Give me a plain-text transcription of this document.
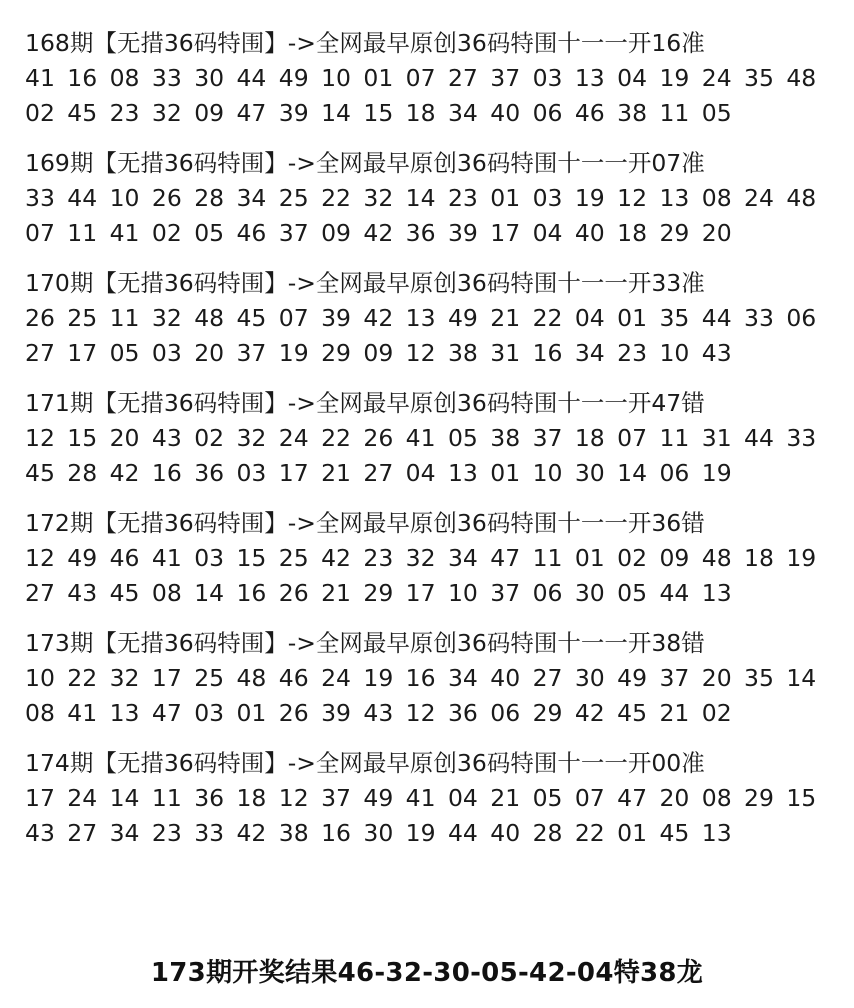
168期【无措36码特围】->全网最早原创36码特围十一一开16准
41 16 08 33 30 44 49 10 01 07 27 37 03 13 04 19 24 35 48
02 45 23 32 09 47 39 14 15 18 34 40 06 46 38 11 05
169期【无措36码特围】->全网最早原创36码特围十一一开07准
33 44 10 26 28 34 25 22 32 14 23 01 03 19 12 13 08 24 48
07 11 41 02 05 46 37 09 42 36 39 17 04 40 18 29 20
170期【无措36码特围】->全网最早原创36码特围十一一开33准
26 25 11 32 48 45 07 39 42 13 49 21 22 04 01 35 44 33 06
27 17 05 03 20 37 19 29 09 12 38 31 16 34 23 10 43
171期【无措36码特围】->全网最早原创36码特围十一一开47错
12 15 20 43 02 32 24 22 26 41 05 38 37 18 07 11 31 44 33
45 28 42 16 36 03 17 21 27 04 13 01 10 30 14 06 19
172期【无措36码特围】->全网最早原创36码特围十一一开36错
12 49 46 41 03 15 25 42 23 32 34 47 11 01 02 09 48 18 19
27 43 45 08 14 16 26 21 29 17 10 37 06 30 05 44 13
173期【无措36码特围】->全网最早原创36码特围十一一开38错
10 22 32 17 25 48 46 24 19 16 34 40 27 30 49 37 20 35 14
08 41 13 47 03 01 26 39 43 12 36 06 29 42 45 21 02
174期【无措36码特围】->全网最早原创36码特围十一一开00准
17 24 14 11 36 18 12 37 49 41 04 21 05 07 47 20 08 29 15
43 27 34 23 33 42 38 16 30 19 44 40 28 22 01 45 13
173期开奖结果46-32-30-05-42-04特38龙
